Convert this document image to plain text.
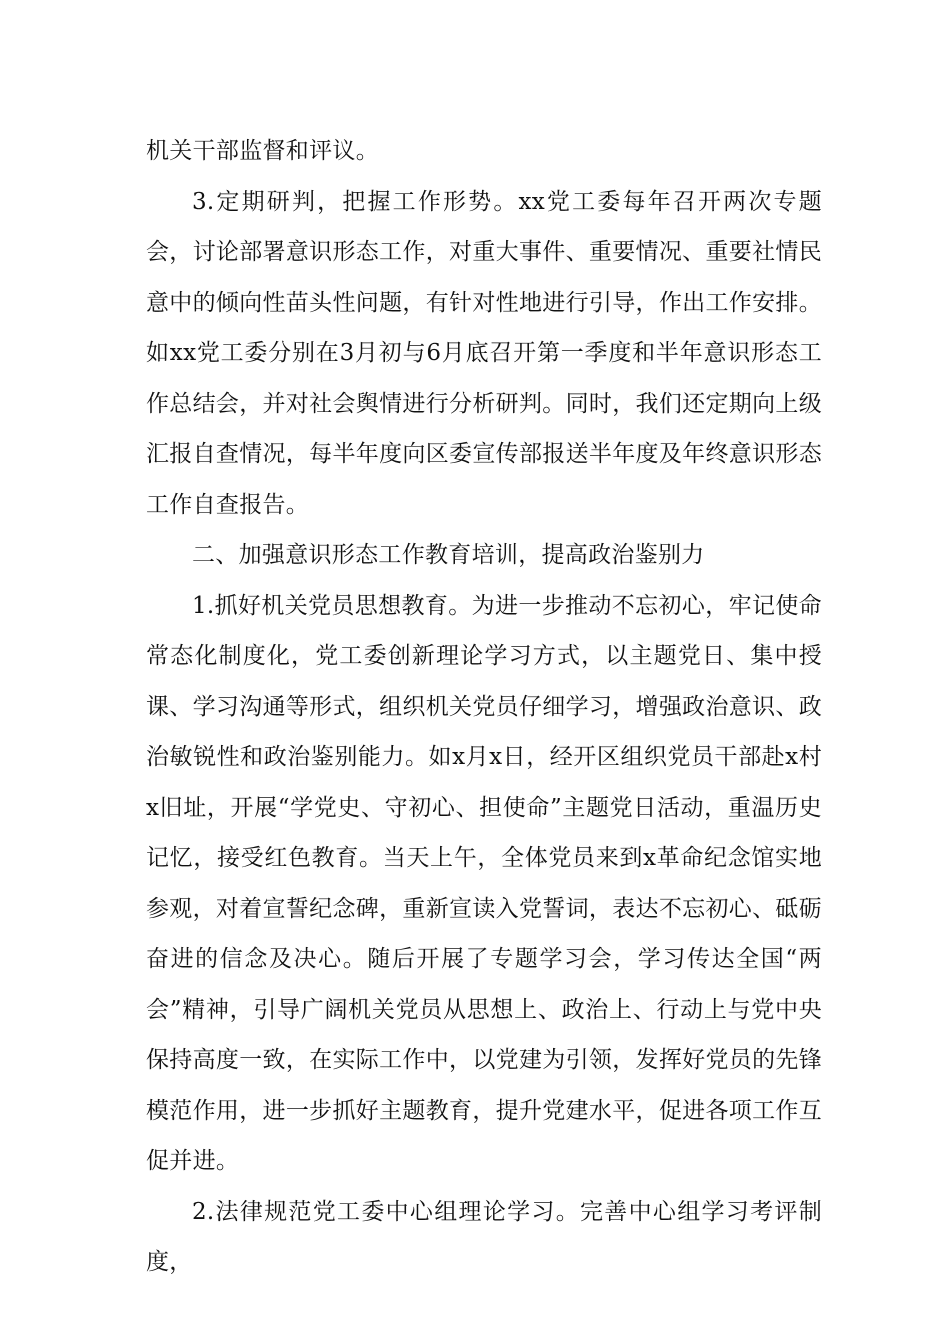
机关干部监督和评议。

3.定期研判，把握工作形势。xx党工委每年召开两次专题会，讨论部署意识形态工作，对重大事件、重要情况、重要社情民意中的倾向性苗头性问题，有针对性地进行引导，作出工作安排。如xx党工委分别在3月初与6月底召开第一季度和半年意识形态工作总结会，并对社会舆情进行分析研判。同时，我们还定期向上级汇报自查情况，每半年度向区委宣传部报送半年度及年终意识形态工作自查报告。

二、加强意识形态工作教育培训，提高政治鉴别力

1.抓好机关党员思想教育。为进一步推动不忘初心，牢记使命常态化制度化，党工委创新理论学习方式，以主题党日、集中授课、学习沟通等形式，组织机关党员仔细学习，增强政治意识、政治敏锐性和政治鉴别能力。如x月x日，经开区组织党员干部赴x村x旧址，开展“学党史、守初心、担使命”主题党日活动，重温历史记忆，接受红色教育。当天上午，全体党员来到x革命纪念馆实地参观，对着宣誓纪念碑，重新宣读入党誓词，表达不忘初心、砥砺奋进的信念及决心。随后开展了专题学习会，学习传达全国“两会”精神，引导广阔机关党员从思想上、政治上、行动上与党中央保持高度一致，在实际工作中，以党建为引领，发挥好党员的先锋模范作用，进一步抓好主题教育，提升党建水平，促进各项工作互促并进。

2.法律规范党工委中心组理论学习。完善中心组学习考评制度，
